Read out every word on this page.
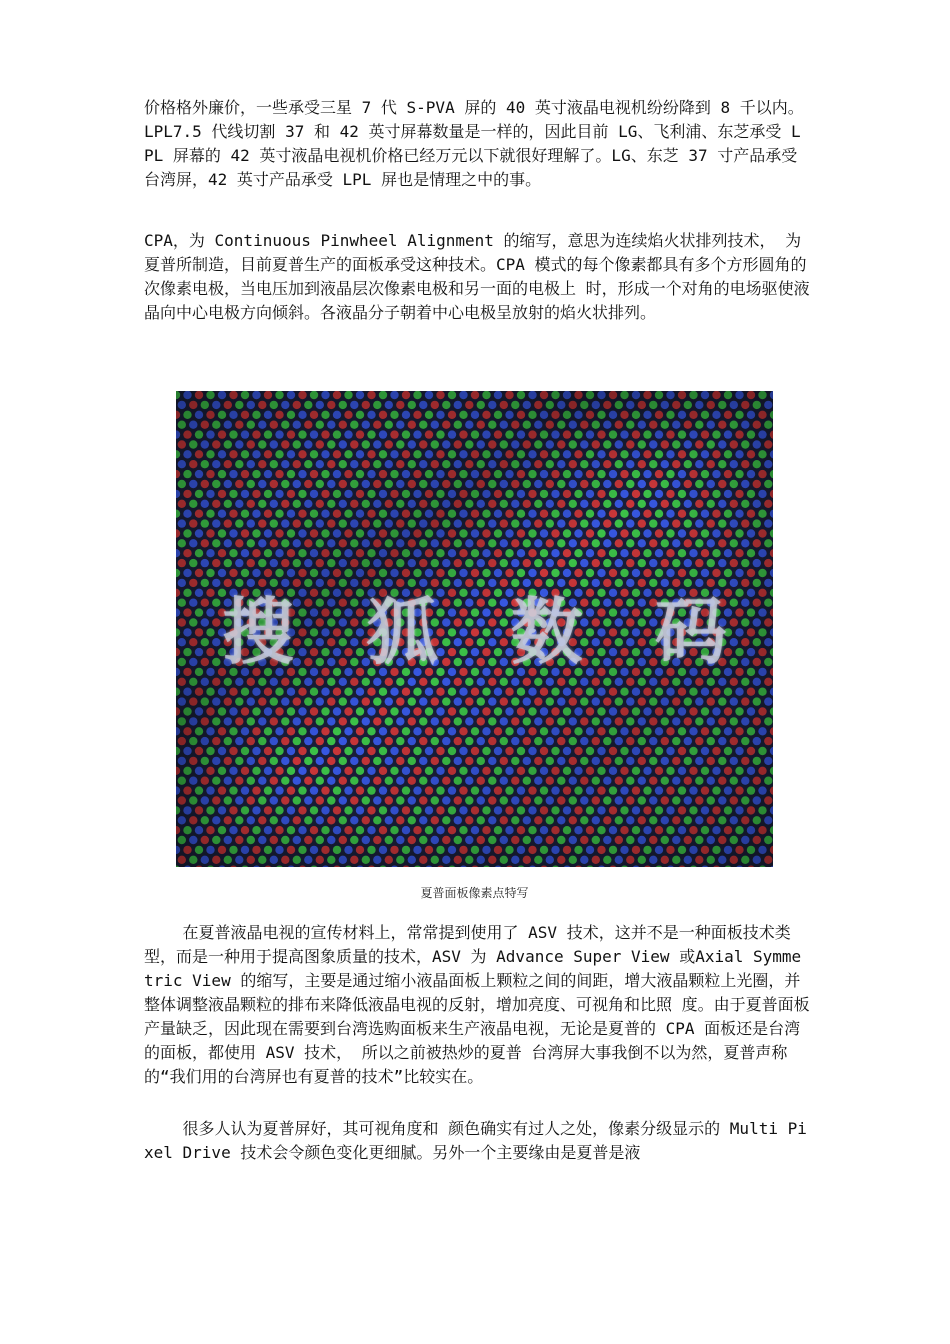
价格格外廉价，一些承受三星 7 代 S-PVA 屏的 40 英寸液晶电视机纷纷降到 8 千以内。LPL7.5 代线切割 37 和 42 英寸屏幕数量是一样的，因此目前 LG、飞利浦、东芝承受 LPL 屏幕的 42 英寸液晶电视机价格已经万元以下就很好理解了。LG、东芝 37 寸产品承受台湾屏，42 英寸产品承受 LPL 屏也是情理之中的事。

CPA，为 Continuous Pinwheel Alignment 的缩写，意思为连续焰火状排列技术， 为夏普所制造，目前夏普生产的面板承受这种技术。CPA 模式的每个像素都具有多个方形圆角的次像素电极，当电压加到液晶层次像素电极和另一面的电极上 时，形成一个对角的电场驱使液晶向中心电极方向倾斜。各液晶分子朝着中心电极呈放射的焰火状排列。

搜 狐 数 码
夏普面板像素点特写

在夏普液晶电视的宣传材料上，常常提到使用了 ASV 技术，这并不是一种面板技术类型，而是一种用于提高图象质量的技术，ASV 为 Advance Super View 或Axial Symmetric View 的缩写，主要是通过缩小液晶面板上颗粒之间的间距，增大液晶颗粒上光圈，并整体调整液晶颗粒的排布来降低液晶电视的反射，增加亮度、可视角和比照 度。由于夏普面板产量缺乏，因此现在需要到台湾选购面板来生产液晶电视，无论是夏普的 CPA 面板还是台湾的面板，都使用 ASV 技术， 所以之前被热炒的夏普 台湾屏大事我倒不以为然，夏普声称的“我们用的台湾屏也有夏普的技术”比较实在。

很多人认为夏普屏好，其可视角度和 颜色确实有过人之处，像素分级显示的 Multi Pixel Drive 技术会令颜色变化更细腻。另外一个主要缘由是夏普是液
